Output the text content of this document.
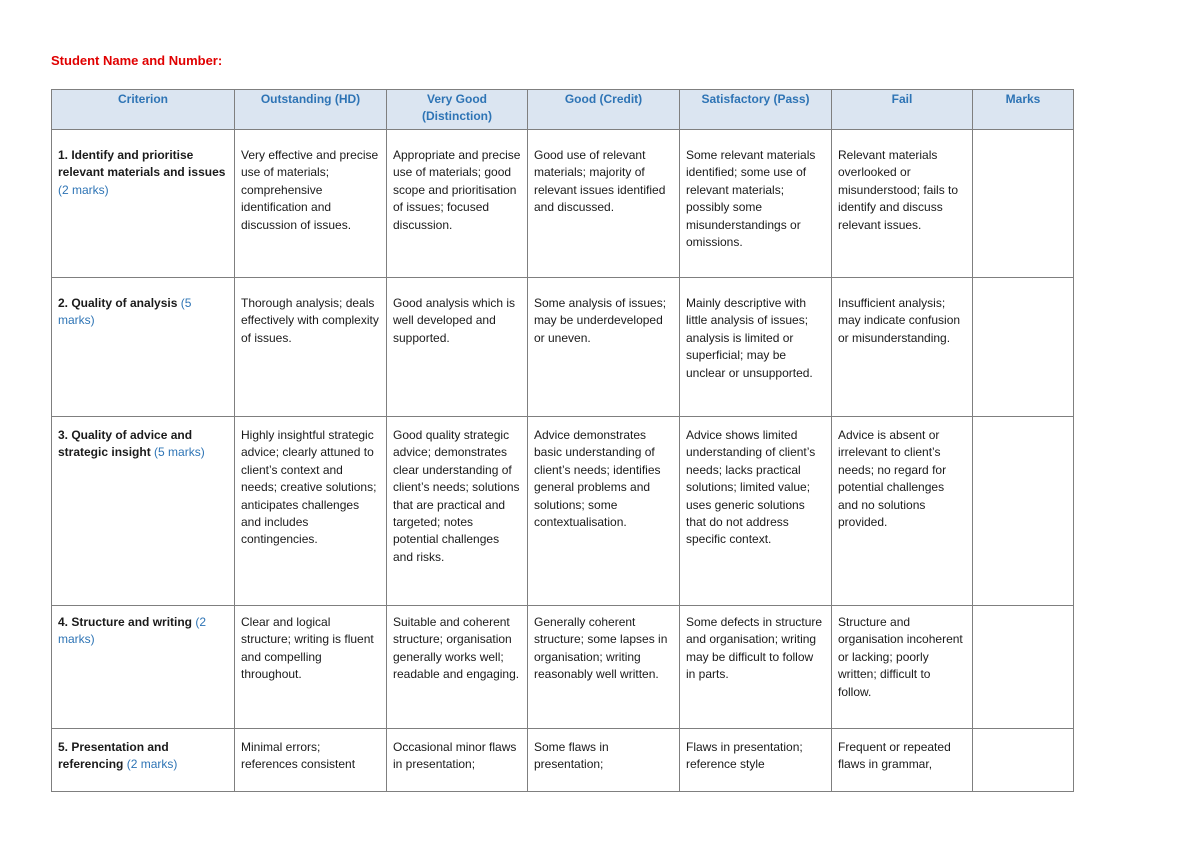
Student Name and Number:
Criterion	Outstanding (HD)	Very Good (Distinction)	Good (Credit)	Satisfactory (Pass)	Fail	Marks
1. Identify and prioritise relevant materials and issues (2 marks)	Very effective and precise use of materials; comprehensive identification and discussion of issues.	Appropriate and precise use of materials; good scope and prioritisation of issues; focused discussion.	Good use of relevant materials; majority of relevant issues identified and discussed.	Some relevant materials identified; some use of relevant materials; possibly some misunderstandings or omissions.	Relevant materials overlooked or misunderstood; fails to identify and discuss relevant issues.	
2. Quality of analysis (5 marks)	Thorough analysis; deals effectively with complexity of issues.	Good analysis which is well developed and supported.	Some analysis of issues; may be underdeveloped or uneven.	Mainly descriptive with little analysis of issues; analysis is limited or superficial; may be unclear or unsupported.	Insufficient analysis; may indicate confusion or misunderstanding.	
3. Quality of advice and strategic insight (5 marks)	Highly insightful strategic advice; clearly attuned to client’s context and needs; creative solutions; anticipates challenges and includes contingencies.	Good quality strategic advice; demonstrates clear understanding of client’s needs; solutions that are practical and targeted; notes potential challenges and risks.	Advice demonstrates basic understanding of client’s needs; identifies general problems and solutions; some contextualisation.	Advice shows limited understanding of client’s needs; lacks practical solutions; limited value; uses generic solutions that do not address specific context.	Advice is absent or irrelevant to client’s needs; no regard for potential challenges and no solutions provided.	
4. Structure and writing (2 marks)	Clear and logical structure; writing is fluent and compelling throughout.	Suitable and coherent structure; organisation generally works well; readable and engaging.	Generally coherent structure; some lapses in organisation; writing reasonably well written.	Some defects in structure and organisation; writing may be difficult to follow in parts.	Structure and organisation incoherent or lacking; poorly written; difficult to follow.	
5. Presentation and referencing (2 marks)	Minimal errors; references consistent	Occasional minor flaws in presentation;	Some flaws in presentation;	Flaws in presentation; reference style	Frequent or repeated flaws in grammar,	
